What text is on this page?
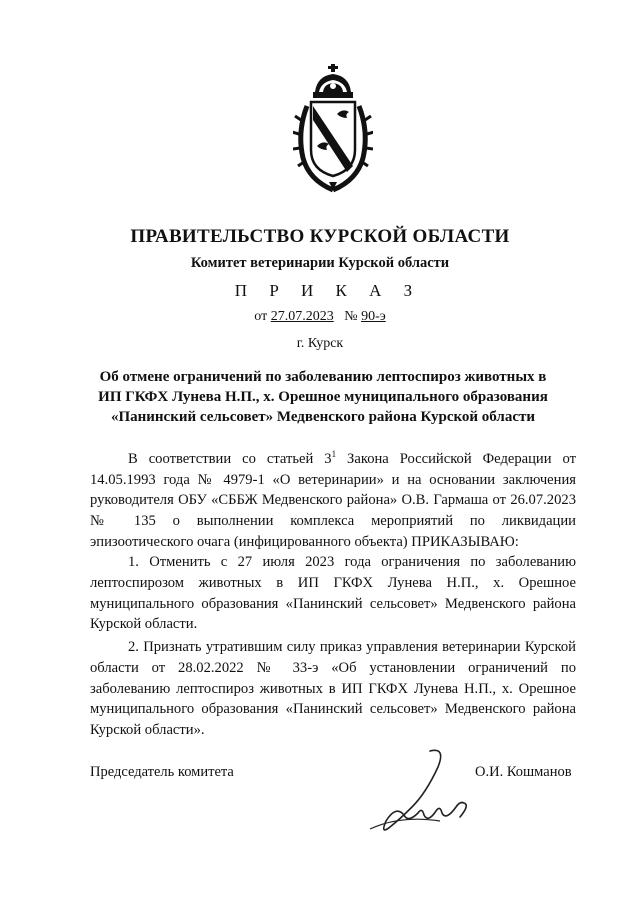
ПРАВИТЕЛЬСТВО КУРСКОЙ ОБЛАСТИ
Комитет ветеринарии Курской области
П Р И К А З
от 27.07.2023 № 90-э
г. Курск
Об отмене ограничений по заболеванию лептоспироз животных в ИП ГКФХ Лунева Н.П., х. Орешное муниципального образования «Панинский сельсовет» Медвенского района Курской области

В соответствии со статьей $3^1$ Закона Российской Федерации от 14.05.1993 года № 4979-1 «О ветеринарии» и на основании заключения руководителя ОБУ «СББЖ Медвенского района» О.В. Гармаша от 26.07.2023 № 135 о выполнении комплекса мероприятий по ликвидации эпизоотического очага (инфицированного объекта) ПРИКАЗЫВАЮ:

1. Отменить с 27 июля 2023 года ограничения по заболеванию лептоспирозом животных в ИП ГКФХ Лунева Н.П., х. Орешное муниципального образования «Панинский сельсовет» Медвенского района Курской области.

2. Признать утратившим силу приказ управления ветеринарии Курской области от 28.02.2022 № 33-э «Об установлении ограничений по заболеванию лептоспироз животных в ИП ГКФХ Лунева Н.П., х. Орешное муниципального образования «Панинский сельсовет» Медвенского района Курской области».

Председатель комитета	О.И. Кошманов
